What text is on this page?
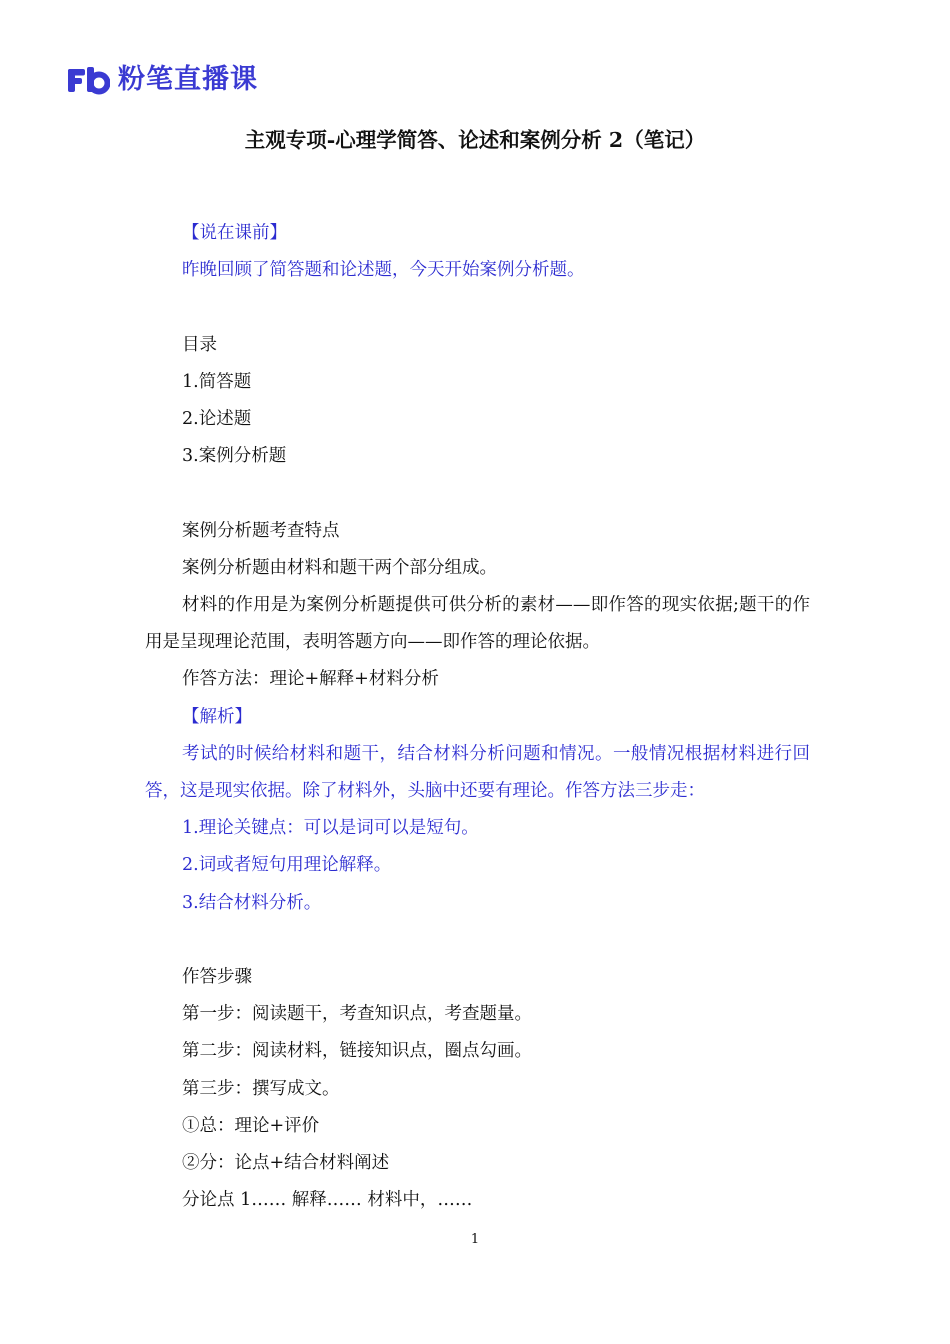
粉笔直播课
主观专项-心理学简答、论述和案例分析 2（笔记）

【说在课前】

昨晚回顾了简答题和论述题，今天开始案例分析题。

目录

1.简答题

2.论述题

3.案例分析题

案例分析题考查特点

案例分析题由材料和题干两个部分组成。

材料的作用是为案例分析题提供可供分析的素材——即作答的现实依据;题干的作用是呈现理论范围，表明答题方向——即作答的理论依据。

作答方法：理论+解释+材料分析

【解析】

考试的时候给材料和题干，结合材料分析问题和情况。一般情况根据材料进行回答，这是现实依据。除了材料外，头脑中还要有理论。作答方法三步走：

1.理论关键点：可以是词可以是短句。

2.词或者短句用理论解释。

3.结合材料分析。

作答步骤

第一步：阅读题干，考查知识点，考查题量。

第二步：阅读材料，链接知识点，圈点勾画。

第三步：撰写成文。

①总：理论+评价

②分：论点+结合材料阐述

分论点 1…… 解释…… 材料中，……

1
